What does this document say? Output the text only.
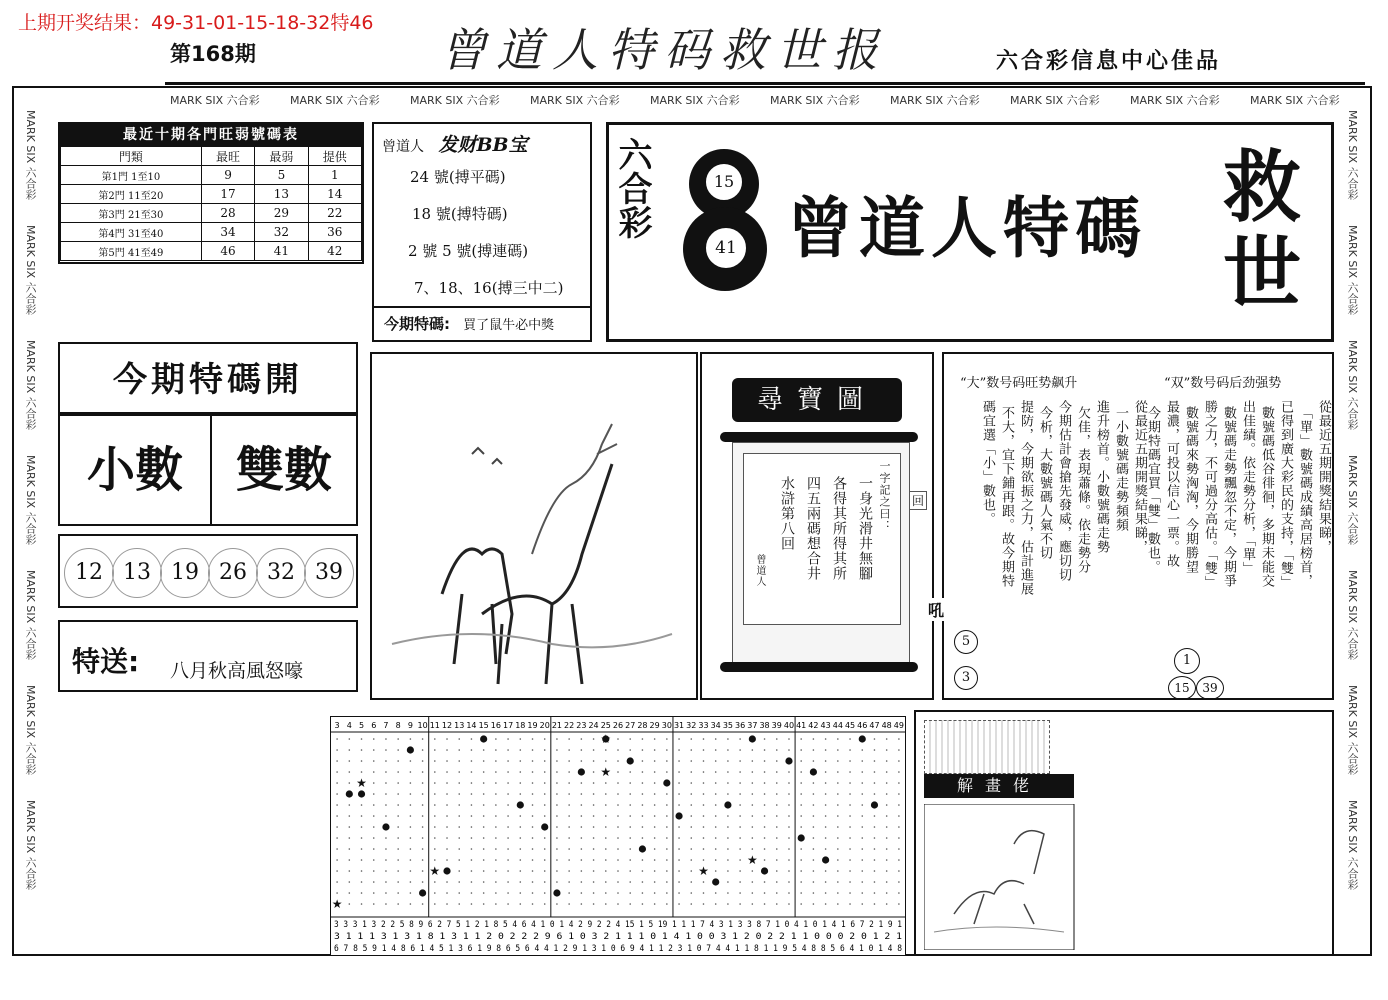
上期开奖结果：49-31-01-15-18-32特46
第168期	曾道人特码救世报	六合彩信息中心佳品
MARK SIX 六合彩	MARK SIX 六合彩	MARK SIX 六合彩	MARK SIX 六合彩	MARK SIX 六合彩	MARK SIX 六合彩	MARK SIX 六合彩	MARK SIX 六合彩	MARK SIX 六合彩	MARK SIX 六合彩
MARK SIX 六合彩
MARK SIX 六合彩
MARK SIX 六合彩
MARK SIX 六合彩
MARK SIX 六合彩
MARK SIX 六合彩
MARK SIX 六合彩
MARK SIX 六合彩
MARK SIX 六合彩
MARK SIX 六合彩
MARK SIX 六合彩
MARK SIX 六合彩
MARK SIX 六合彩
MARK SIX 六合彩
最近十期各門旺弱號碼表
門類	最旺	最弱	提供
第1門 1至10	9	5	1
第2門 11至20	17	13	14
第3門 21至30	28	29	22
第4門 31至40	34	32	36
第5門 41至49	46	41	42
曾道人 发财BB宝
24 號(搏平碼)
18 號(搏特碼)
2 號 5 號(搏連碼)
7、18、16(搏三中二)
今期特碼: 買了鼠牛必中獎
六合彩	15
41 曾道人特碼 救世
今期特碼開
小數	雙數
12 13 19 26 32 39
特送: 八月秋高風怒嚎
尋寶圖
一字記之曰：
一身光滑井無腳
各得其所得其所
四五兩碼想合井
水滸第八回
曾道人
回
“大”数号码旺势飙升	“双”数号码后劲强势
從最近五期開獎結果睇，
一小數號碼走勢頻頻
進升榜首。小數號碼走勢
欠佳，表現蕭條。依走勢分
今期估計會搶先發威，應切切
今析，大數號碼人氣不切
提防，今期欲振之力，估計進展
不大，宜下鋪再跟。故今期特
碼宜選「小」數也。	從最近五期開獎結果睇，
「單」數號碼成績高居榜首，
已得到廣大彩民的支持，「雙」
數號碼低谷徘徊，多期未能交
出佳績。依走勢分析，「單」
數號碼走勢飄忽不定，今期爭
勝之力，不可過分高估。「雙」
數號碼來勢洶洶，今期勝望
最濃，可投以信心一票。故
今期特碼宜買「雙」數也。
5
3
1
15	39
吼
3 4 5 6 7 8 9 10 11 12 13 14 15 16 17 18 19 20 21 22 23 24 25 26 27 28 29 30 31 32 33 34 35 36 37 38 39 40 41 42 43 44 45 46 47 48 49
★
★
★
★	★
★
★
3 3 3 1 3 2 2 5 8 9 6 2 7 5 1 2 1 8 5 4 6 4 1 0 1 4 2 9 2 2 4 15 1 5 19 1 1 1 7 4 3 1 3 3 8 7 1 0 4 1 0 1 4 1 6 7 2 1 9 1
3 1 1 1 3 1 3 1 8 1 3 1 1 2 0 2 2 2 9 6 1 0 3 2 1 1 1 0 1 4 1 0 0 3 1 2 0 2 2 1 1 0 0 0 2 0 1 2 1
6 7 8 5 9 1 4 8 6 1 4 5 1 3 6 1 9 8 6 5 6 4 4 1 2 9 1 3 1 0 6 9 4 1 1 2 3 1 0 7 4 4 1 1 8 1 1 9 5 4 8 8 5 6 4 1 0 1 4 8
解畫佬
